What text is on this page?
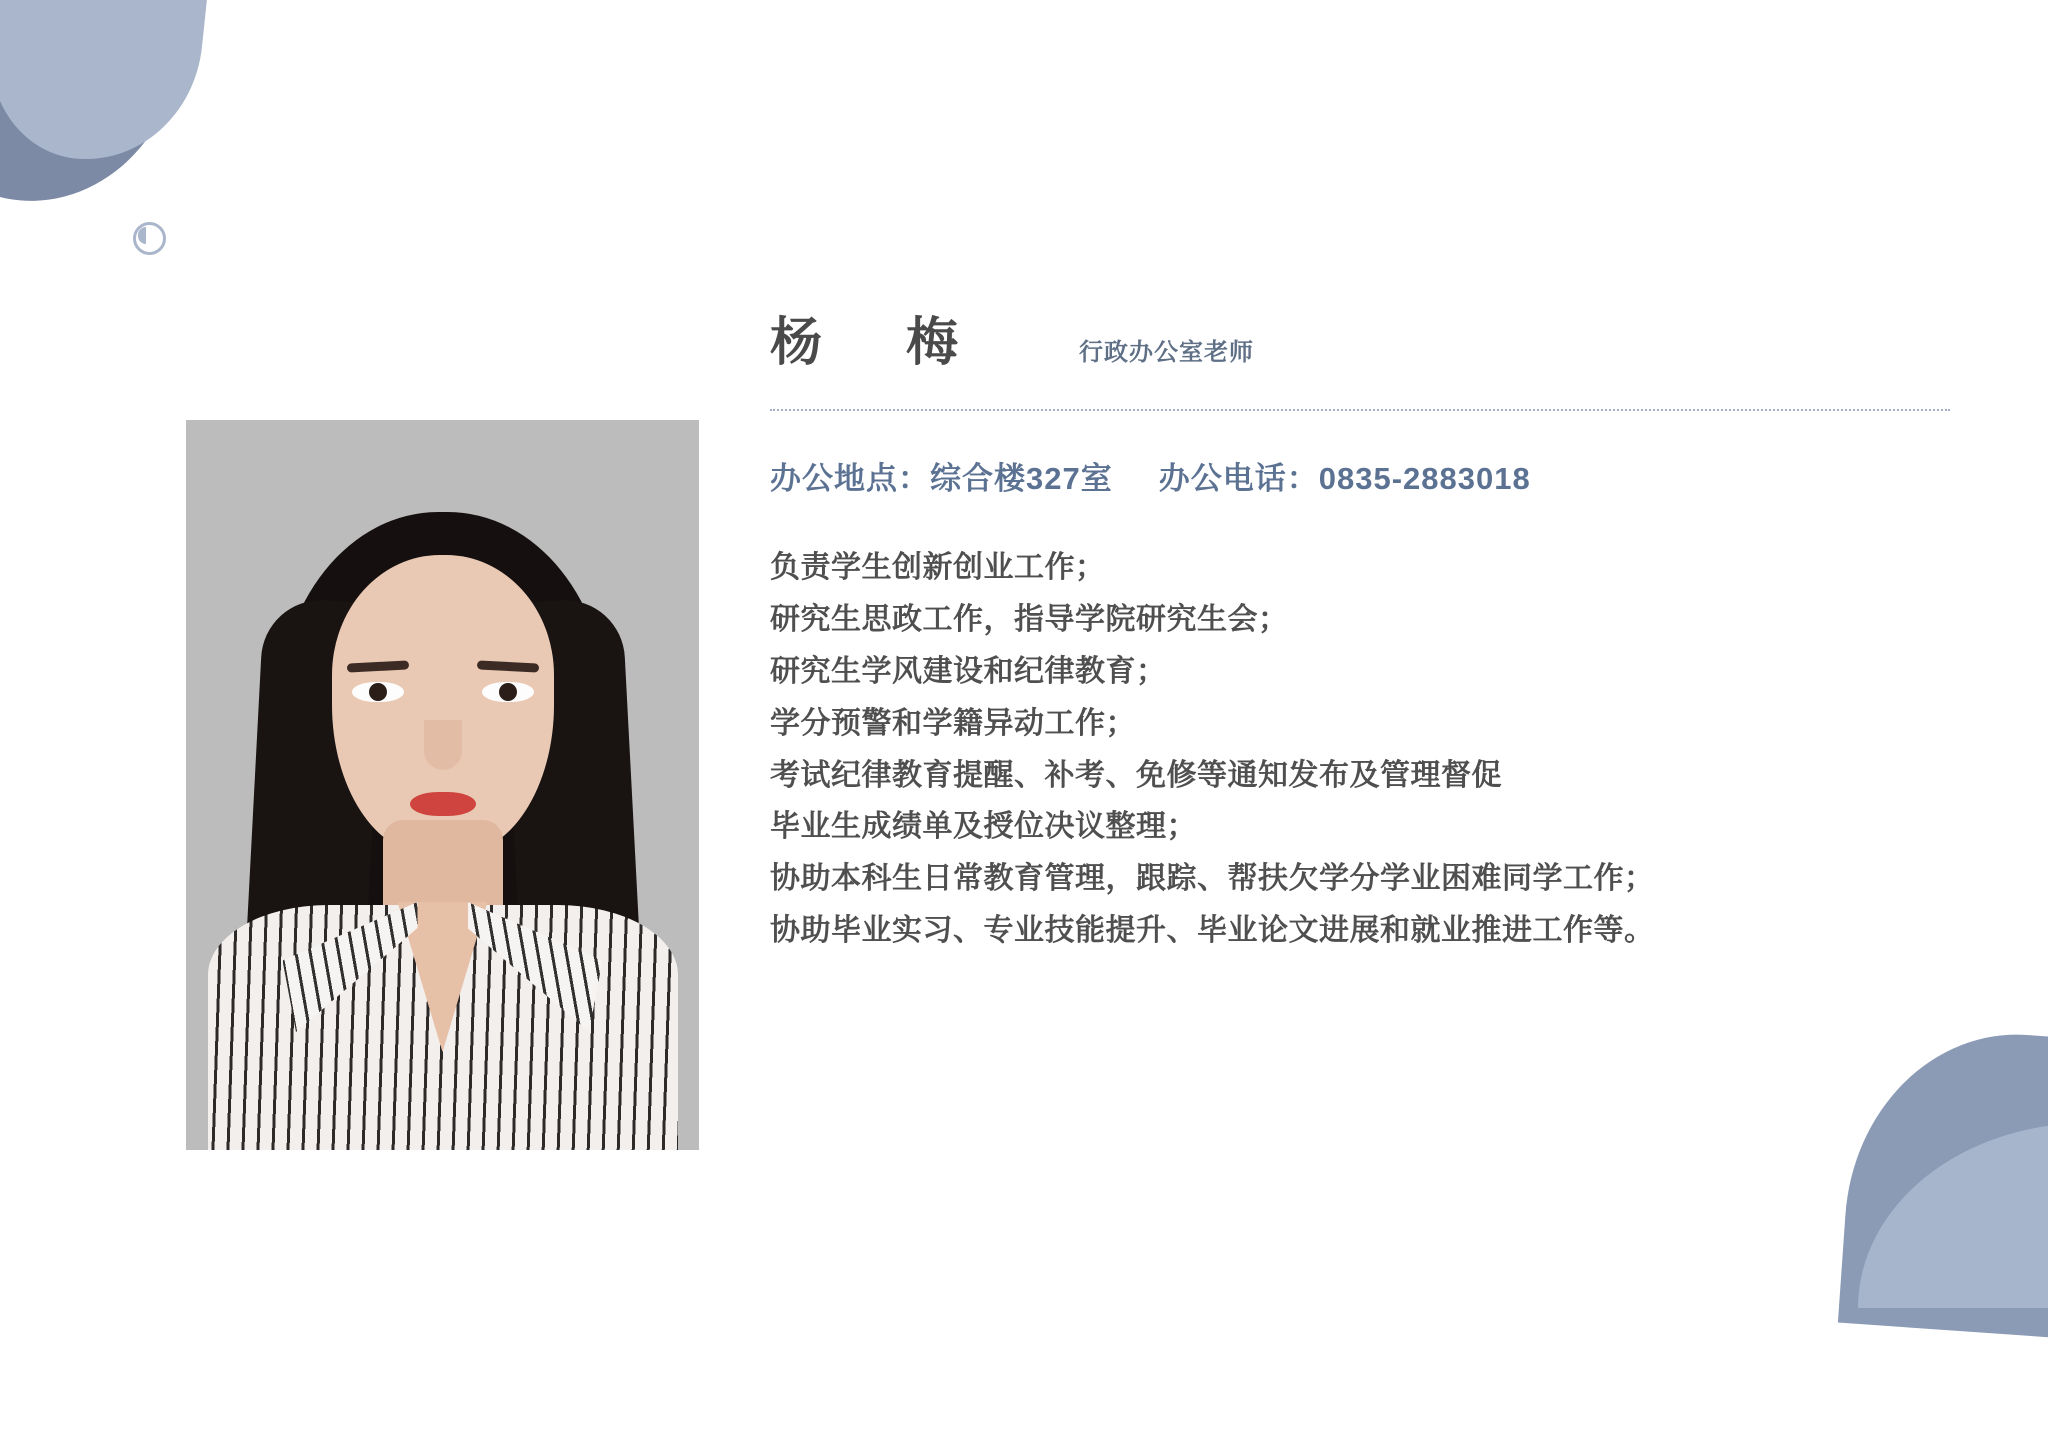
杨　梅	行政办公室老师
办公地点：综合楼327室 办公电话：0835-2883018
负责学生创新创业工作；
研究生思政工作，指导学院研究生会；
研究生学风建设和纪律教育；
学分预警和学籍异动工作；
考试纪律教育提醒、补考、免修等通知发布及管理督促
毕业生成绩单及授位决议整理；
协助本科生日常教育管理，跟踪、帮扶欠学分学业困难同学工作；
协助毕业实习、专业技能提升、毕业论文进展和就业推进工作等。
